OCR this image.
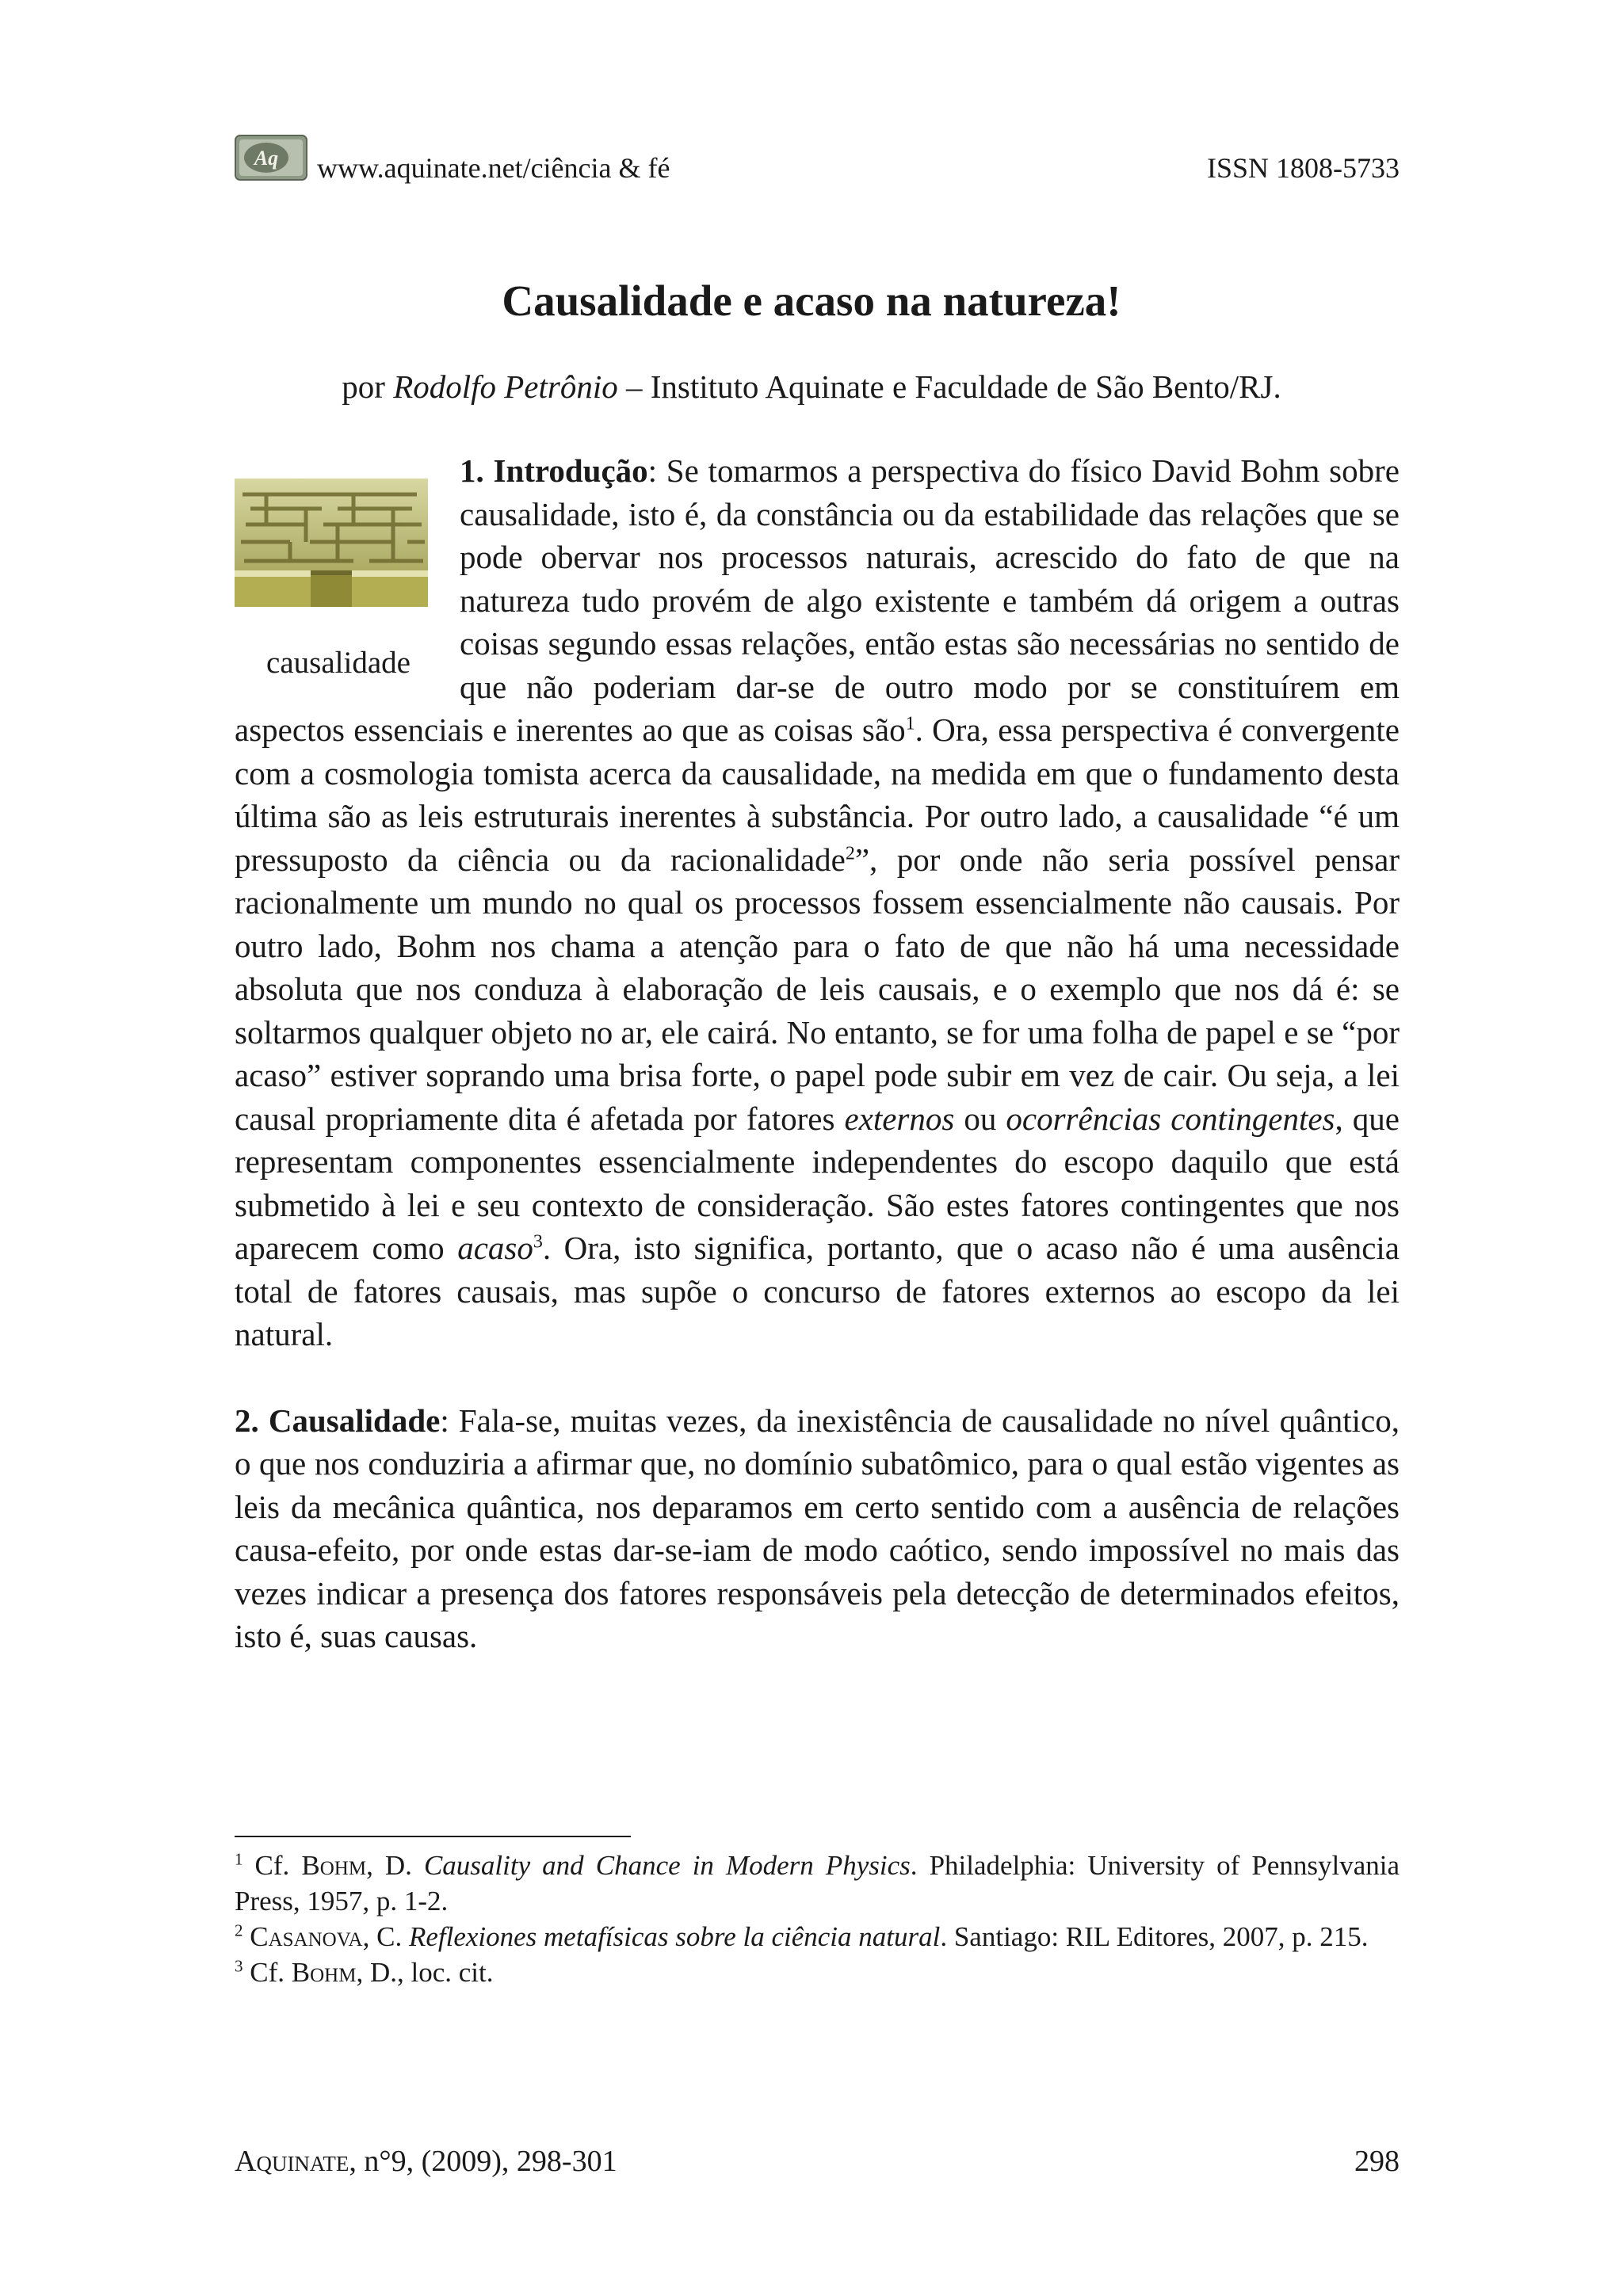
Aq www.aquinate.net/ciência & fé	ISSN 1808-5733
Causalidade e acaso na natureza!
por Rodolfo Petrônio – Instituto Aquinate e Faculdade de São Bento/RJ.
causalidade

1. Introdução: Se tomarmos a perspectiva do físico David Bohm sobre causalidade, isto é, da constância ou da estabilidade das relações que se pode obervar nos processos naturais, acrescido do fato de que na natureza tudo provém de algo existente e também dá origem a outras coisas segundo essas relações, então estas são necessárias no sentido de que não poderiam dar-se de outro modo por se constituírem em aspectos essenciais e inerentes ao que as coisas são$^1$. Ora, essa perspectiva é convergente com a cosmologia tomista acerca da causalidade, na medida em que o fundamento desta última são as leis estruturais inerentes à substância. Por outro lado, a causalidade “é um pressuposto da ciência ou da racionalidade$^2$”, por onde não seria possível pensar racionalmente um mundo no qual os processos fossem essencialmente não causais. Por outro lado, Bohm nos chama a atenção para o fato de que não há uma necessidade absoluta que nos conduza à elaboração de leis causais, e o exemplo que nos dá é: se soltarmos qualquer objeto no ar, ele cairá. No entanto, se for uma folha de papel e se “por acaso” estiver soprando uma brisa forte, o papel pode subir em vez de cair. Ou seja, a lei causal propriamente dita é afetada por fatores externos ou ocorrências contingentes, que representam componentes essencialmente independentes do escopo daquilo que está submetido à lei e seu contexto de consideração. São estes fatores contingentes que nos aparecem como acaso$^3$. Ora, isto significa, portanto, que o acaso não é uma ausência total de fatores causais, mas supõe o concurso de fatores externos ao escopo da lei natural.

2. Causalidade: Fala-se, muitas vezes, da inexistência de causalidade no nível quântico, o que nos conduziria a afirmar que, no domínio subatômico, para o qual estão vigentes as leis da mecânica quântica, nos deparamos em certo sentido com a ausência de relações causa-efeito, por onde estas dar-se-iam de modo caótico, sendo impossível no mais das vezes indicar a presença dos fatores responsáveis pela detecção de determinados efeitos, isto é, suas causas.

$^1$ Cf. Bohm, D. Causality and Chance in Modern Physics. Philadelphia: University of Pennsylvania Press, 1957, p. 1-2.

$^2$ Casanova, C. Reflexiones metafísicas sobre la ciência natural. Santiago: RIL Editores, 2007, p. 215.

$^3$ Cf. Bohm, D., loc. cit.

Aquinate, n°9, (2009), 298-301	298
